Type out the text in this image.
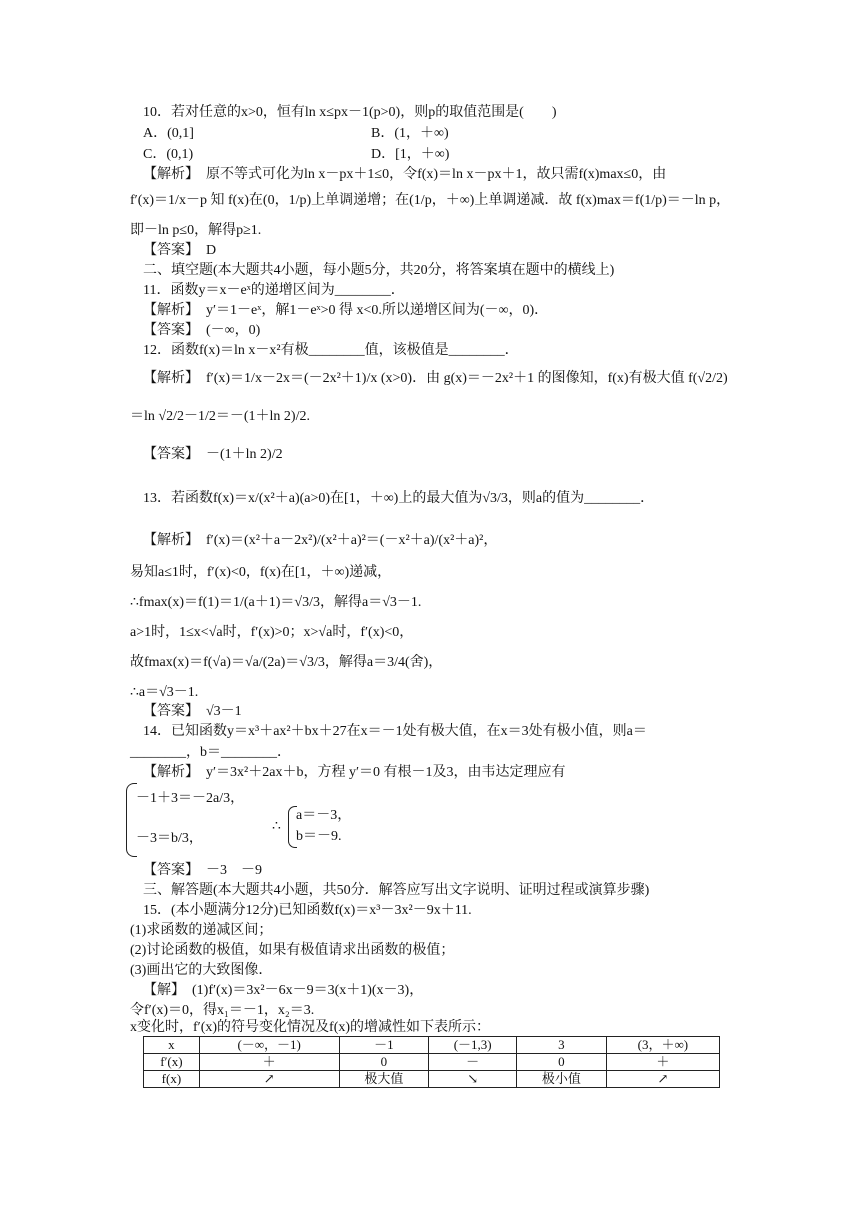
10．若对任意的x>0，恒有ln x≤px－1(p>0)，则p的取值范围是(　　)
A．(0,1]	B．(1，＋∞)
C．(0,1)	D．[1，＋∞)
【解析】　原不等式可化为ln x－px＋1≤0，令f(x)＝ln x－px＋1，故只需f(x)max≤0，由
f′(x)＝1/x－p 知 f(x)在(0，1/p)上单调递增；在(1/p，＋∞)上单调递减．故 f(x)max＝f(1/p)＝－ln p，
即－ln p≤0，解得p≥1.
【答案】　D
二、填空题(本大题共4小题，每小题5分，共20分，将答案填在题中的横线上)
11．函数y＝x－eˣ的递增区间为________．
【解析】　y′＝1－eˣ，解1－eˣ>0 得 x<0.所以递增区间为(－∞，0)．
【答案】　(－∞，0)
12．函数f(x)＝ln x－x²有极________值，该极值是________．
【解析】　f′(x)＝1/x－2x＝(－2x²＋1)/x (x>0)．由 g(x)＝－2x²＋1 的图像知，f(x)有极大值 f(√2/2)
＝ln √2/2－1/2＝－(1＋ln 2)/2.
【答案】　－(1＋ln 2)/2
13．若函数f(x)＝x/(x²＋a)(a>0)在[1，＋∞)上的最大值为√3/3，则a的值为________．
【解析】　f′(x)＝(x²＋a－2x²)/(x²＋a)²＝(－x²＋a)/(x²＋a)²，
易知a≤1时，f′(x)<0，f(x)在[1，＋∞)递减，
∴fmax(x)＝f(1)＝1/(a＋1)＝√3/3，解得a＝√3－1.
a>1时，1≤x<√a时，f′(x)>0；x>√a时，f′(x)<0，
故fmax(x)＝f(√a)＝√a/(2a)＝√3/3，解得a＝3/4(舍)，
∴a＝√3－1.
【答案】　√3－1
14．已知函数y＝x³＋ax²＋bx＋27在x＝－1处有极大值，在x＝3处有极小值，则a＝
________，b＝________．
【解析】　y′＝3x²＋2ax＋b，方程 y′＝0 有根－1及3，由韦达定理应有
－1＋3＝－2a/3，
－3＝b/3，
∴
a＝－3，
b＝－9.
【答案】　－3　－9
三、解答题(本大题共4小题，共50分．解答应写出文字说明、证明过程或演算步骤)
15．(本小题满分12分)已知函数f(x)＝x³－3x²－9x＋11.
(1)求函数的递减区间；
(2)讨论函数的极值，如果有极值请求出函数的极值；
(3)画出它的大致图像．
【解】　(1)f′(x)＝3x²－6x－9＝3(x＋1)(x－3)，
令f′(x)＝0，得x₁＝－1，x₂＝3.
x变化时，f′(x)的符号变化情况及f(x)的增减性如下表所示：
x	(－∞，－1)	－1	(－1,3)	3	(3，＋∞)
f′(x)	＋	0	－	0	＋
f(x)	↗	极大值	↘	极小值	↗
